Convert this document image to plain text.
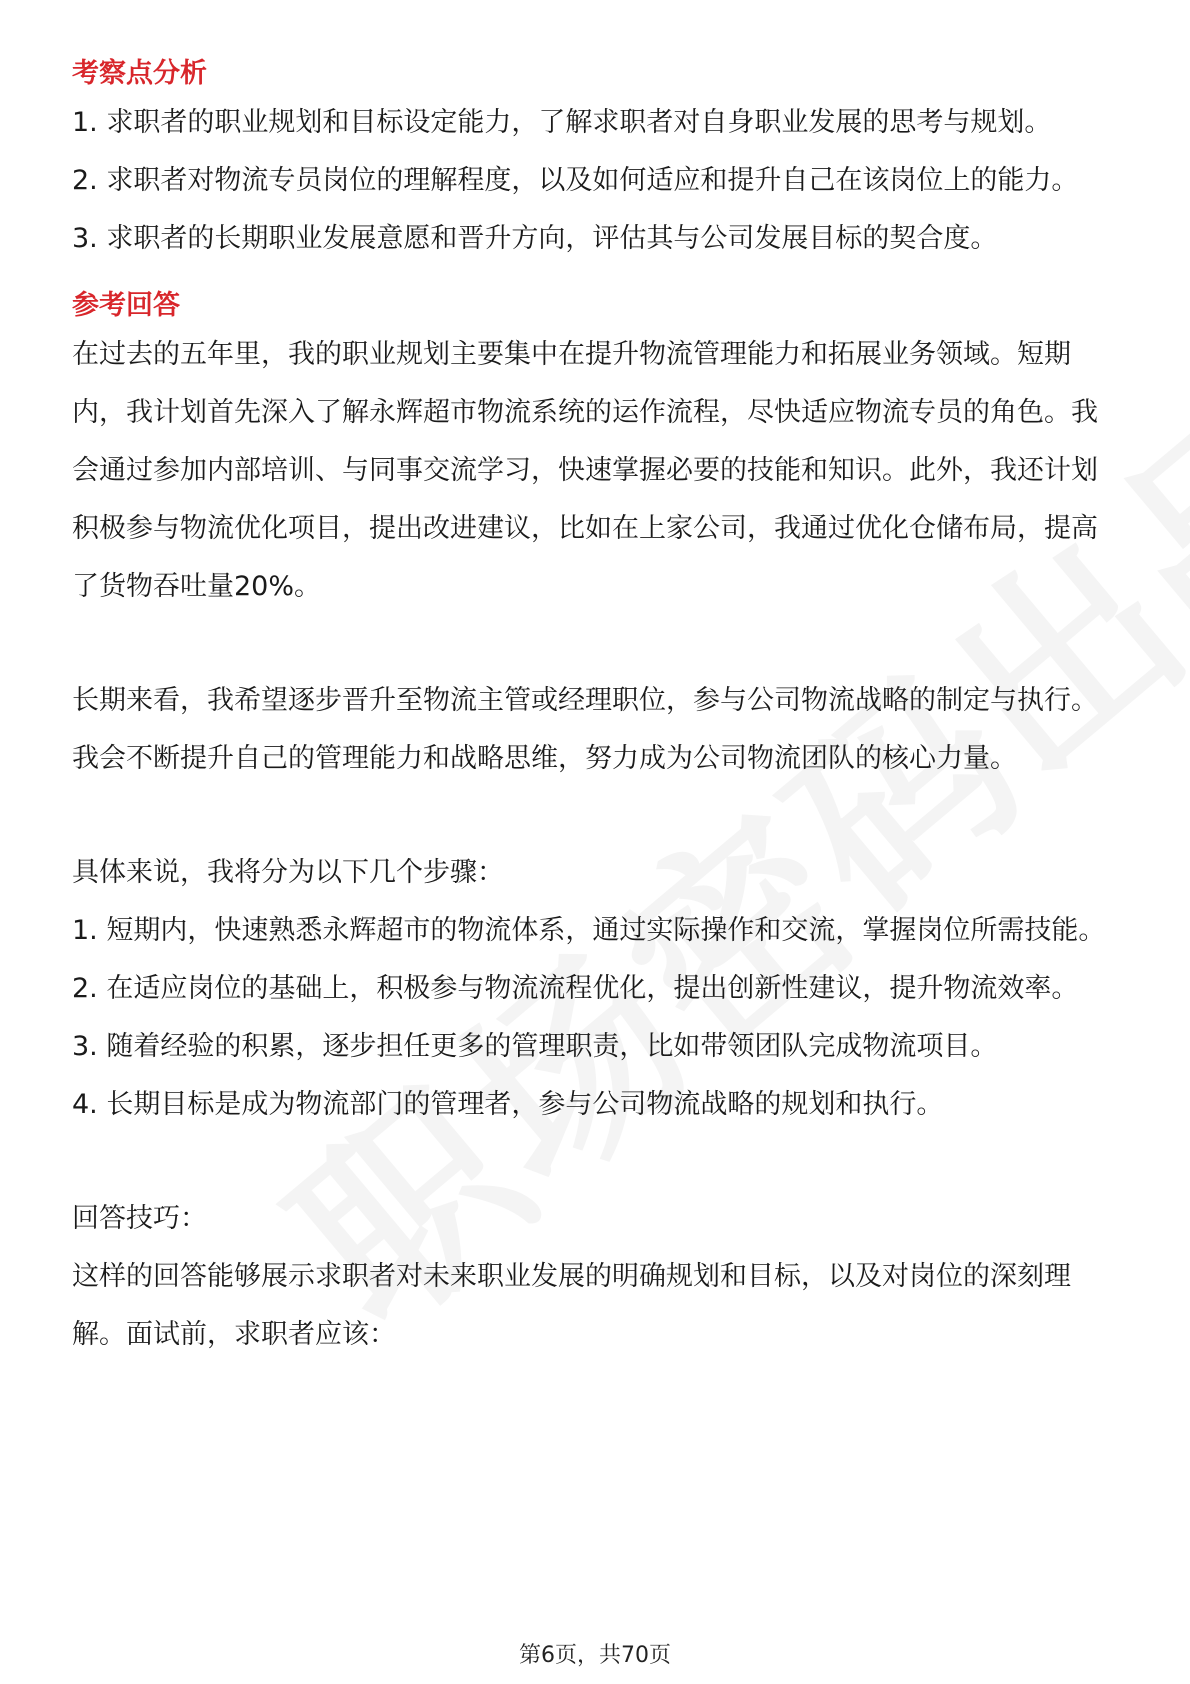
考察点分析
1. 求职者的职业规划和目标设定能力，了解求职者对自身职业发展的思考与规划。
2. 求职者对物流专员岗位的理解程度，以及如何适应和提升自己在该岗位上的能力。
3. 求职者的长期职业发展意愿和晋升方向，评估其与公司发展目标的契合度。
参考回答

在过去的五年里，我的职业规划主要集中在提升物流管理能力和拓展业务领域。短期内，我计划首先深入了解永辉超市物流系统的运作流程，尽快适应物流专员的角色。我会通过参加内部培训、与同事交流学习，快速掌握必要的技能和知识。此外，我还计划积极参与物流优化项目，提出改进建议，比如在上家公司，我通过优化仓储布局，提高了货物吞吐量20%。

长期来看，我希望逐步晋升至物流主管或经理职位，参与公司物流战略的制定与执行。我会不断提升自己的管理能力和战略思维，努力成为公司物流团队的核心力量。

具体来说，我将分为以下几个步骤：

1. 短期内，快速熟悉永辉超市的物流体系，通过实际操作和交流，掌握岗位所需技能。
2. 在适应岗位的基础上，积极参与物流流程优化，提出创新性建议，提升物流效率。
3. 随着经验的积累，逐步担任更多的管理职责，比如带领团队完成物流项目。
4. 长期目标是成为物流部门的管理者，参与公司物流战略的规划和执行。

回答技巧：

这样的回答能够展示求职者对未来职业发展的明确规划和目标，以及对岗位的深刻理解。面试前，求职者应该：

第6页，共70页
